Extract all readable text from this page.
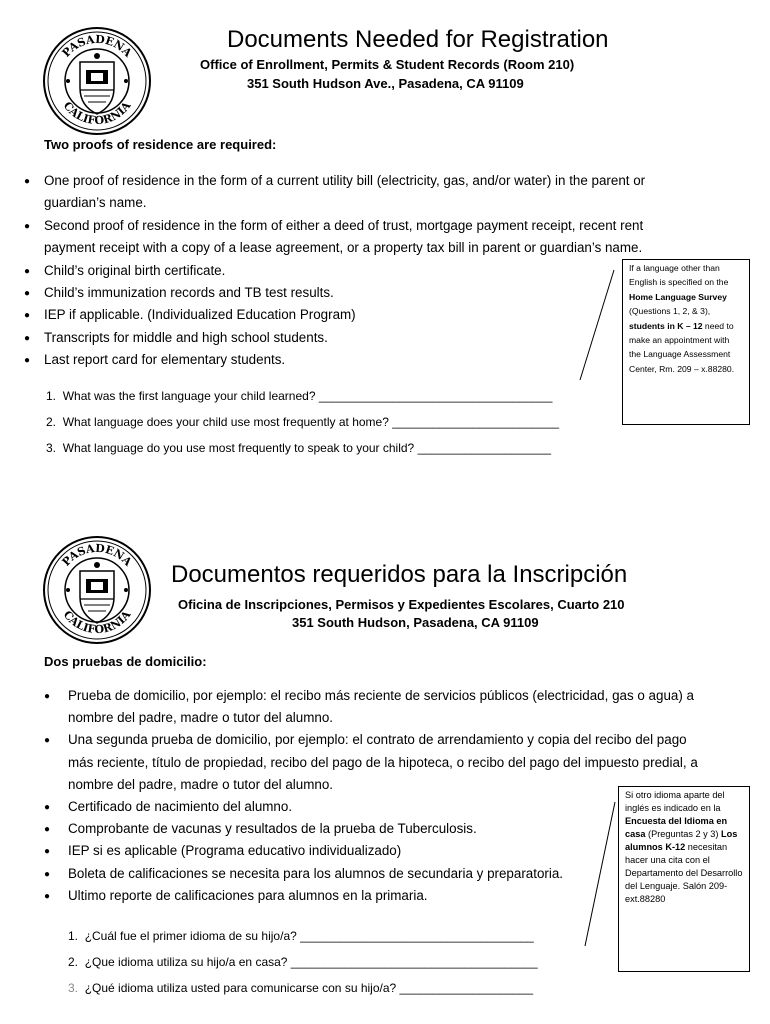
PASADENA
CALIFORNIA
Documents Needed for Registration
Office of Enrollment, Permits & Student Records (Room 210)
351 South Hudson Ave., Pasadena, CA 91109
Two proofs of residence are required:
● One proof of residence in the form of a current utility bill (electricity, gas, and/or water) in the parent or
guardian’s name.
● Second proof of residence in the form of either a deed of trust, mortgage payment receipt, recent rent
payment receipt with a copy of a lease agreement, or a property tax bill in parent or guardian’s name.
● Child’s original birth certificate.
● Child’s immunization records and TB test results.
● IEP if applicable. (Individualized Education Program)
● Transcripts for middle and high school students.
● Last report card for elementary students.
1. What was the first language your child learned? ___________________________________
2. What language does your child use most frequently at home? _________________________
3. What language do you use most frequently to speak to your child? ____________________
If a language other than English is specified on the Home Language Survey (Questions 1, 2, & 3), students in K – 12 need to make an appointment with the Language Assessment Center, Rm. 209 – x.88280.
PASADENA
CALIFORNIA
Documentos requeridos para la Inscripción
Oficina de Inscripciones, Permisos y Expedientes Escolares, Cuarto 210
351 South Hudson, Pasadena, CA 91109
Dos pruebas de domicilio:
● Prueba de domicilio, por ejemplo: el recibo más reciente de servicios públicos (electricidad, gas o agua) a
nombre del padre, madre o tutor del alumno.
● Una segunda prueba de domicilio, por ejemplo: el contrato de arrendamiento y copia del recibo del pago
más reciente, título de propiedad, recibo del pago de la hipoteca, o recibo del pago del impuesto predial, a
nombre del padre, madre o tutor del alumno.
● Certificado de nacimiento del alumno.
● Comprobante de vacunas y resultados de la prueba de Tuberculosis.
● IEP si es aplicable (Programa educativo individualizado)
● Boleta de calificaciones se necesita para los alumnos de secundaria y preparatoria.
● Ultimo reporte de calificaciones para alumnos en la primaria.
1. ¿Cuál fue el primer idioma de su hijo/a? ___________________________________
2. ¿Que idioma utiliza su hijo/a en casa? _____________________________________
3. ¿Qué idioma utiliza usted para comunicarse con su hijo/a? ____________________
Si otro idioma aparte del inglés es indicado en la Encuesta del Idioma en casa (Preguntas 2 y 3) Los alumnos K-12 necesitan hacer una cita con el Departamento del Desarrollo del Lenguaje. Salón 209-ext.88280
